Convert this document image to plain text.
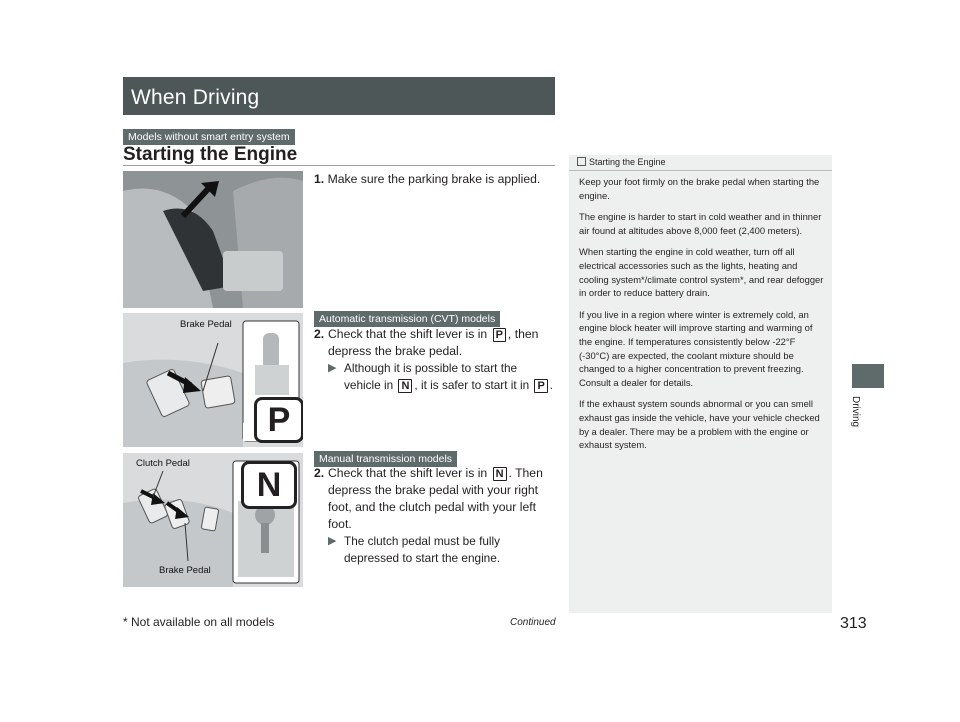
When Driving
Models without smart entry system
Starting the Engine
1. Make sure the parking brake is applied.
Automatic transmission (CVT) models
P
Brake Pedal
2. Check that the shift lever is in P , then depress the brake pedal.
▶ Although it is possible to start the vehicle in N , it is safer to start it in P .
Manual transmission models
N
Clutch Pedal
Brake Pedal
2. Check that the shift lever is in N . Then depress the brake pedal with your right foot, and the clutch pedal with your left foot.
▶ The clutch pedal must be fully depressed to start the engine.
Starting the Engine

Keep your foot firmly on the brake pedal when starting the engine.

The engine is harder to start in cold weather and in thinner air found at altitudes above 8,000 feet (2,400 meters).

When starting the engine in cold weather, turn off all electrical accessories such as the lights, heating and cooling system*/climate control system*, and rear defogger in order to reduce battery drain.

If you live in a region where winter is extremely cold, an engine block heater will improve starting and warming of the engine. If temperatures consistently below -22°F (-30°C) are expected, the coolant mixture should be changed to a higher concentration to prevent freezing. Consult a dealer for details.

If the exhaust system sounds abnormal or you can smell exhaust gas inside the vehicle, have your vehicle checked by a dealer. There may be a problem with the engine or exhaust system.

Driving
* Not available on all models	Continued	313
